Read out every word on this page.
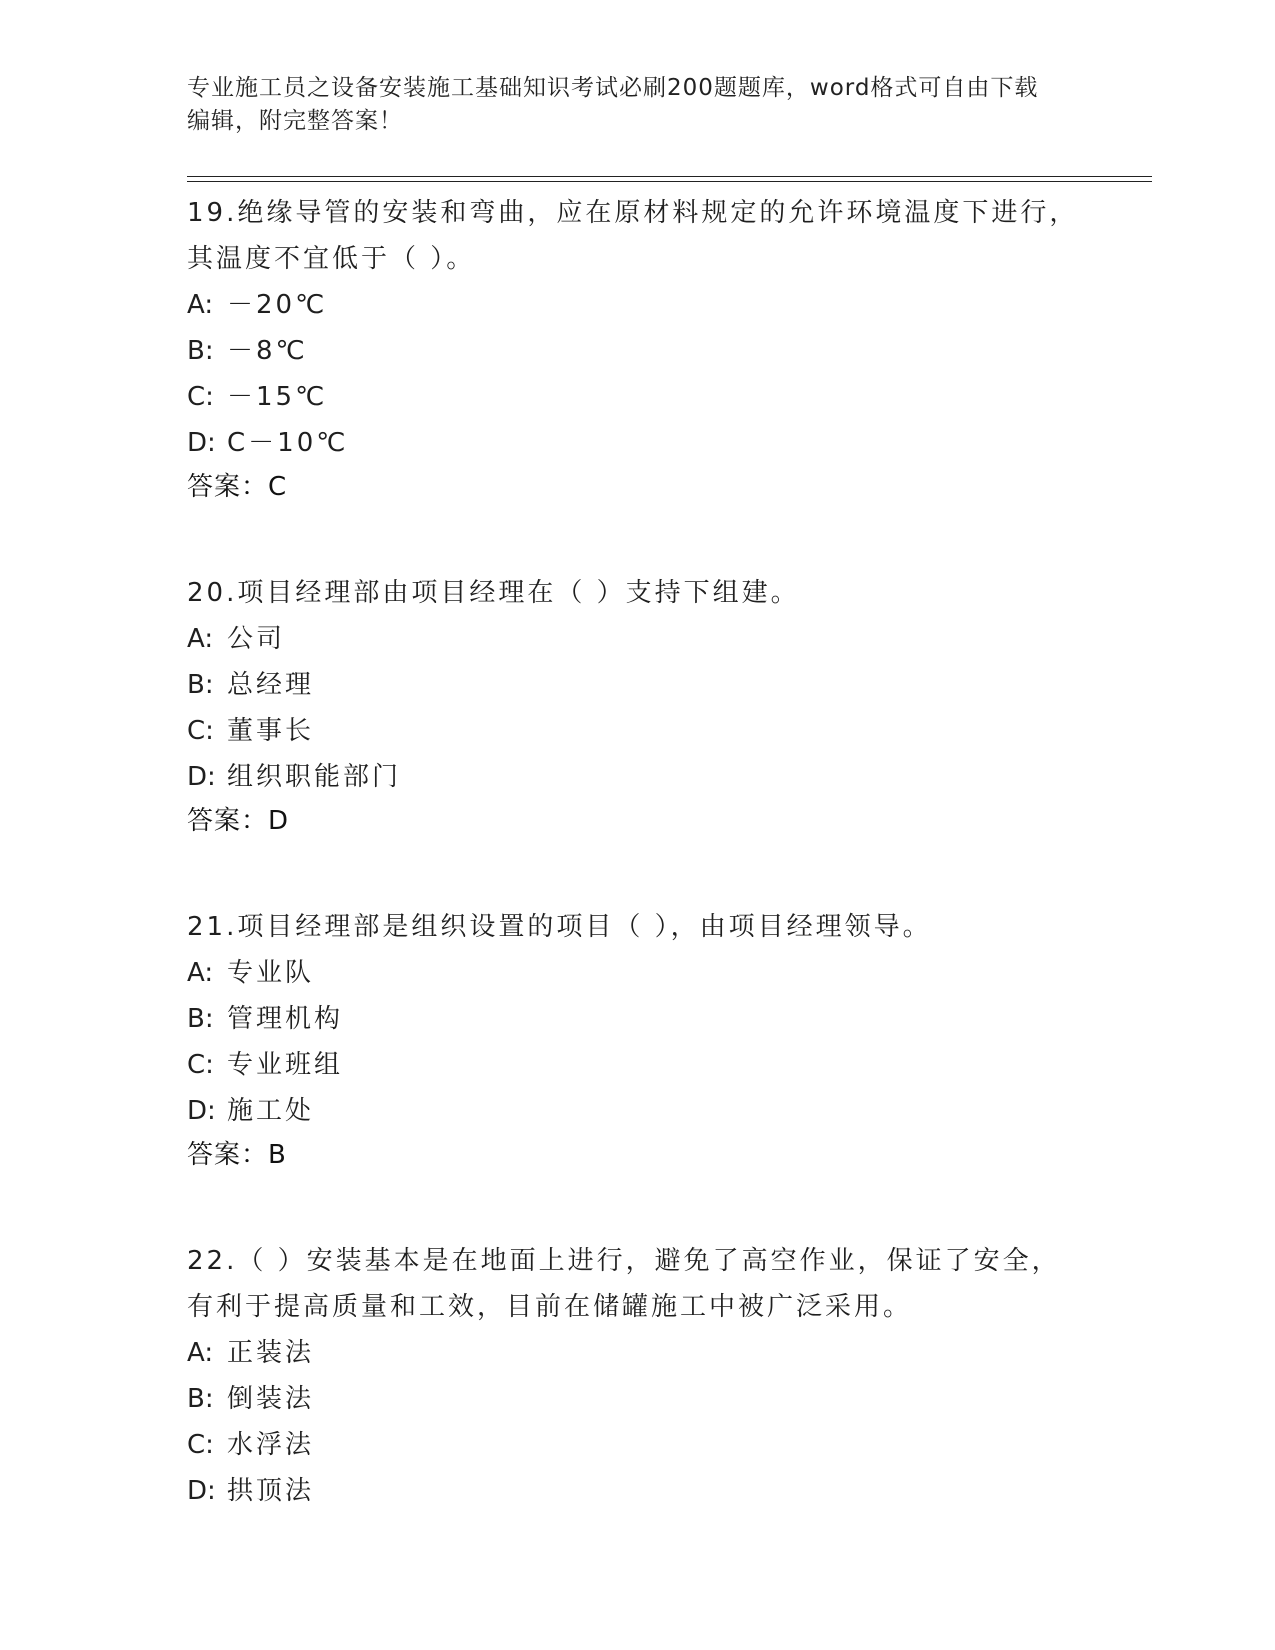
专业施工员之设备安装施工基础知识考试必刷200题题库，word格式可自由下载
编辑，附完整答案！

19.绝缘导管的安装和弯曲，应在原材料规定的允许环境温度下进行，

其温度不宜低于（ ）。

A: －20℃

B: －8℃

C: －15℃

D: C－10℃

答案：C

20.项目经理部由项目经理在（ ）支持下组建。

A: 公司

B: 总经理

C: 董事长

D: 组织职能部门

答案：D

21.项目经理部是组织设置的项目（ ），由项目经理领导。

A: 专业队

B: 管理机构

C: 专业班组

D: 施工处

答案：B

22.（ ）安装基本是在地面上进行，避免了高空作业，保证了安全，

有利于提高质量和工效，目前在储罐施工中被广泛采用。

A: 正装法

B: 倒装法

C: 水浮法

D: 拱顶法
